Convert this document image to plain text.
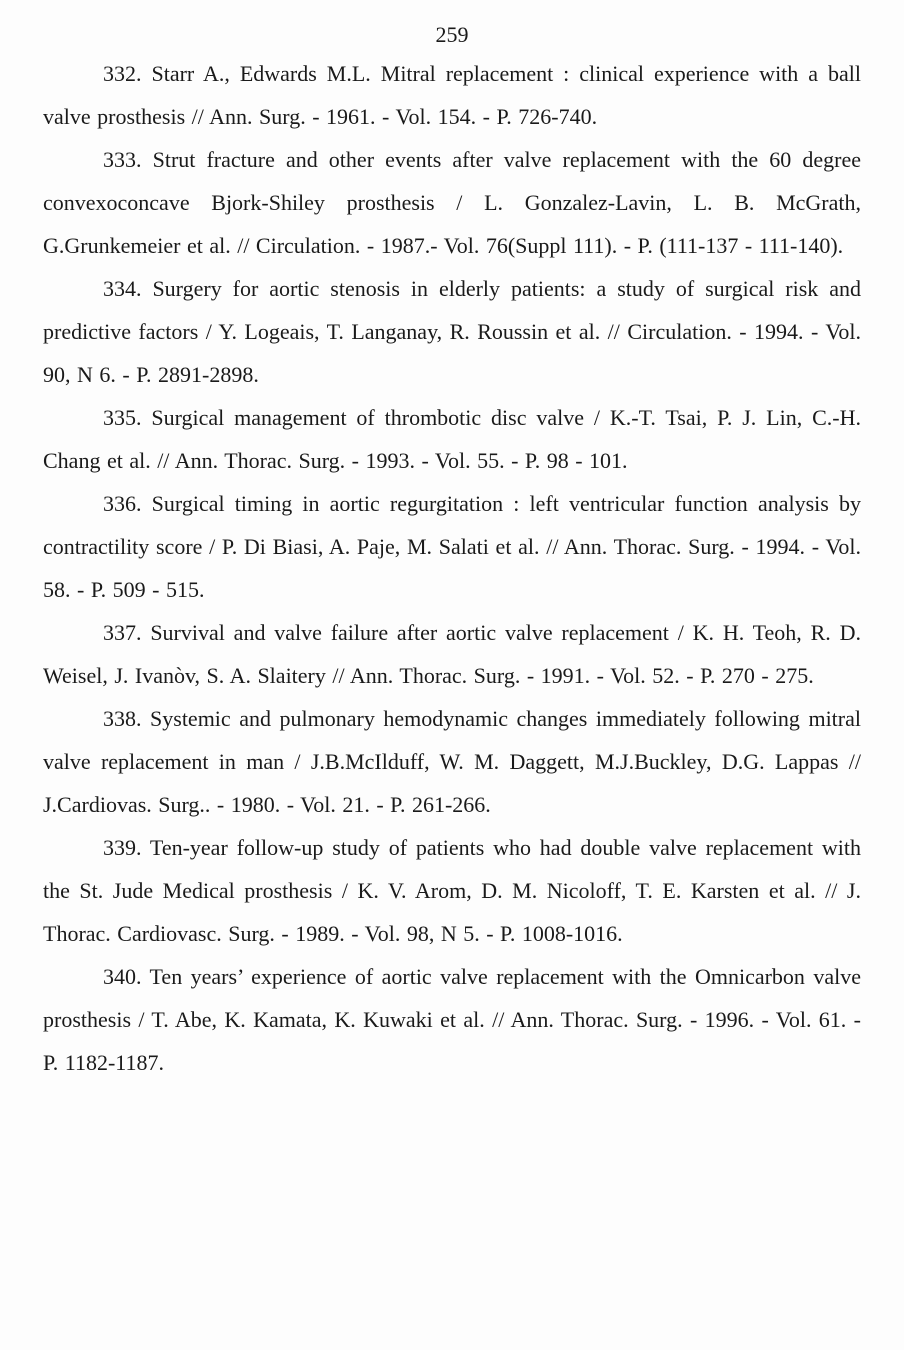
259

332. Starr A., Edwards M.L. Mitral replacement : clinical experience with a ball valve prosthesis // Ann. Surg. - 1961. - Vol. 154. - P. 726-740.

333. Strut fracture and other events after valve replacement with the 60 degree convexoconcave Bjork-Shiley prosthesis / L. Gonzalez-Lavin, L. B. McGrath, G.Grunkemeier et al. // Circulation. - 1987.- Vol. 76(Suppl 111). - P. (111-137 - 111-140).

334. Surgery for aortic stenosis in elderly patients: a study of surgical risk and predictive factors / Y. Logeais, T. Langanay, R. Roussin et al. // Circulation. - 1994. - Vol. 90, N 6. - P. 2891-2898.

335. Surgical management of thrombotic disc valve / K.-T. Tsai, P. J. Lin, C.-H. Chang et al. // Ann. Thorac. Surg. - 1993. - Vol. 55. - P. 98 - 101.

336. Surgical timing in aortic regurgitation : left ventricular function analysis by contractility score / P. Di Biasi, A. Paje, M. Salati et al. // Ann. Thorac. Surg. - 1994. - Vol. 58. - P. 509 - 515.

337. Survival and valve failure after aortic valve replacement / K. H. Teoh, R. D. Weisel, J. Ivanòv, S. A. Slaitery // Ann. Thorac. Surg. - 1991. - Vol. 52. - P. 270 - 275.

338. Systemic and pulmonary hemodynamic changes immediately following mitral valve replacement in man / J.B.McIlduff, W. M. Daggett, M.J.Buckley, D.G. Lappas // J.Cardiovas. Surg.. - 1980. - Vol. 21. - P. 261-266.

339. Ten-year follow-up study of patients who had double valve replacement with the St. Jude Medical prosthesis / K. V. Arom, D. M. Nicoloff, T. E. Karsten et al. // J. Thorac. Cardiovasc. Surg. - 1989. - Vol. 98, N 5. - P. 1008-1016.

340. Ten years’ experience of aortic valve replacement with the Omnicarbon valve prosthesis / T. Abe, K. Kamata, K. Kuwaki et al. // Ann. Thorac. Surg. - 1996. - Vol. 61. - P. 1182-1187.
